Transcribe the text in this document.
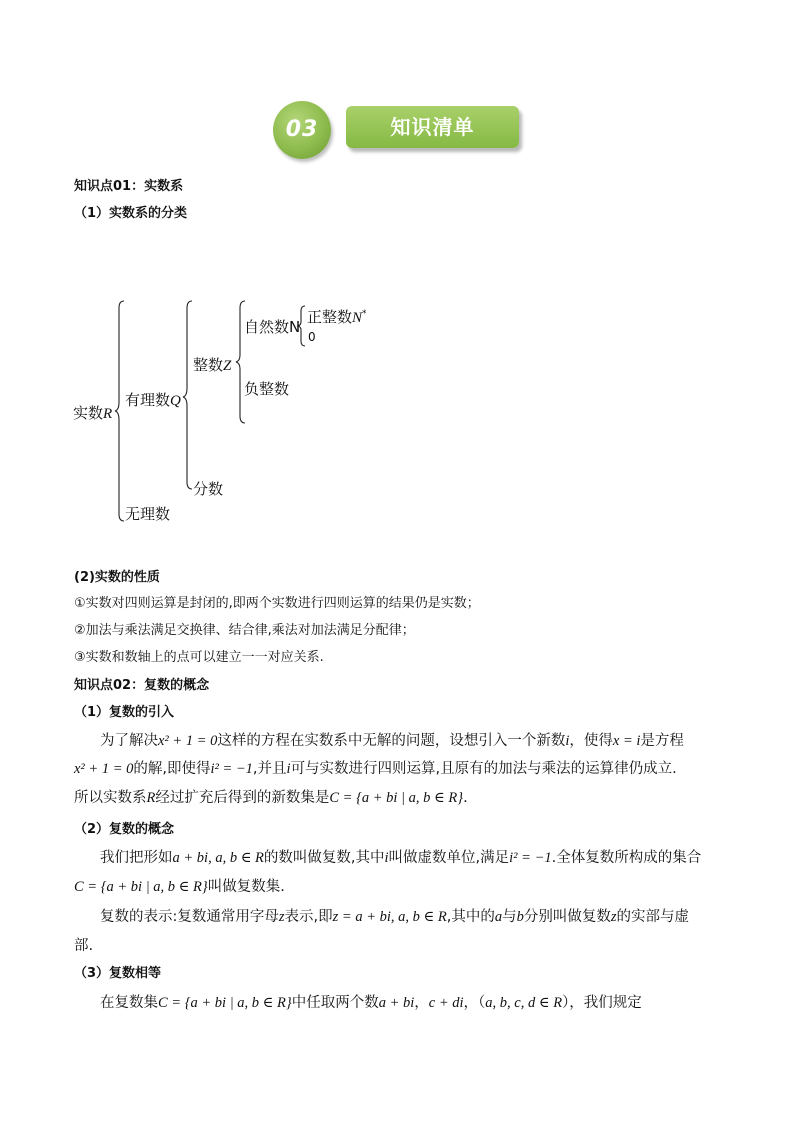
03	知识清单
知识点01：实数系
（1）实数系的分类
实数R
有理数Q
整数Z
自然数N
正整数N*
0
负整数
分数
无理数
(2)实数的性质
①实数对四则运算是封闭的,即两个实数进行四则运算的结果仍是实数；
②加法与乘法满足交换律、结合律,乘法对加法满足分配律；
③实数和数轴上的点可以建立一一对应关系.
知识点02：复数的概念
（1）复数的引入
为了解决x² + 1 = 0这样的方程在实数系中无解的问题，设想引入一个新数i，使得x = i是方程
x² + 1 = 0的解,即使得i² = −1,并且i可与实数进行四则运算,且原有的加法与乘法的运算律仍成立.
所以实数系R经过扩充后得到的新数集是C = {a + bi | a, b ∈ R}.
（2）复数的概念
我们把形如a + bi, a, b ∈ R的数叫做复数,其中i叫做虚数单位,满足i² = −1.全体复数所构成的集合
C = {a + bi | a, b ∈ R}叫做复数集.
复数的表示:复数通常用字母z表示,即z = a + bi, a, b ∈ R,其中的a与b分别叫做复数z的实部与虚
部.
（3）复数相等
在复数集C = {a + bi | a, b ∈ R}中任取两个数a + bi，c + di，（a, b, c, d ∈ R），我们规定
